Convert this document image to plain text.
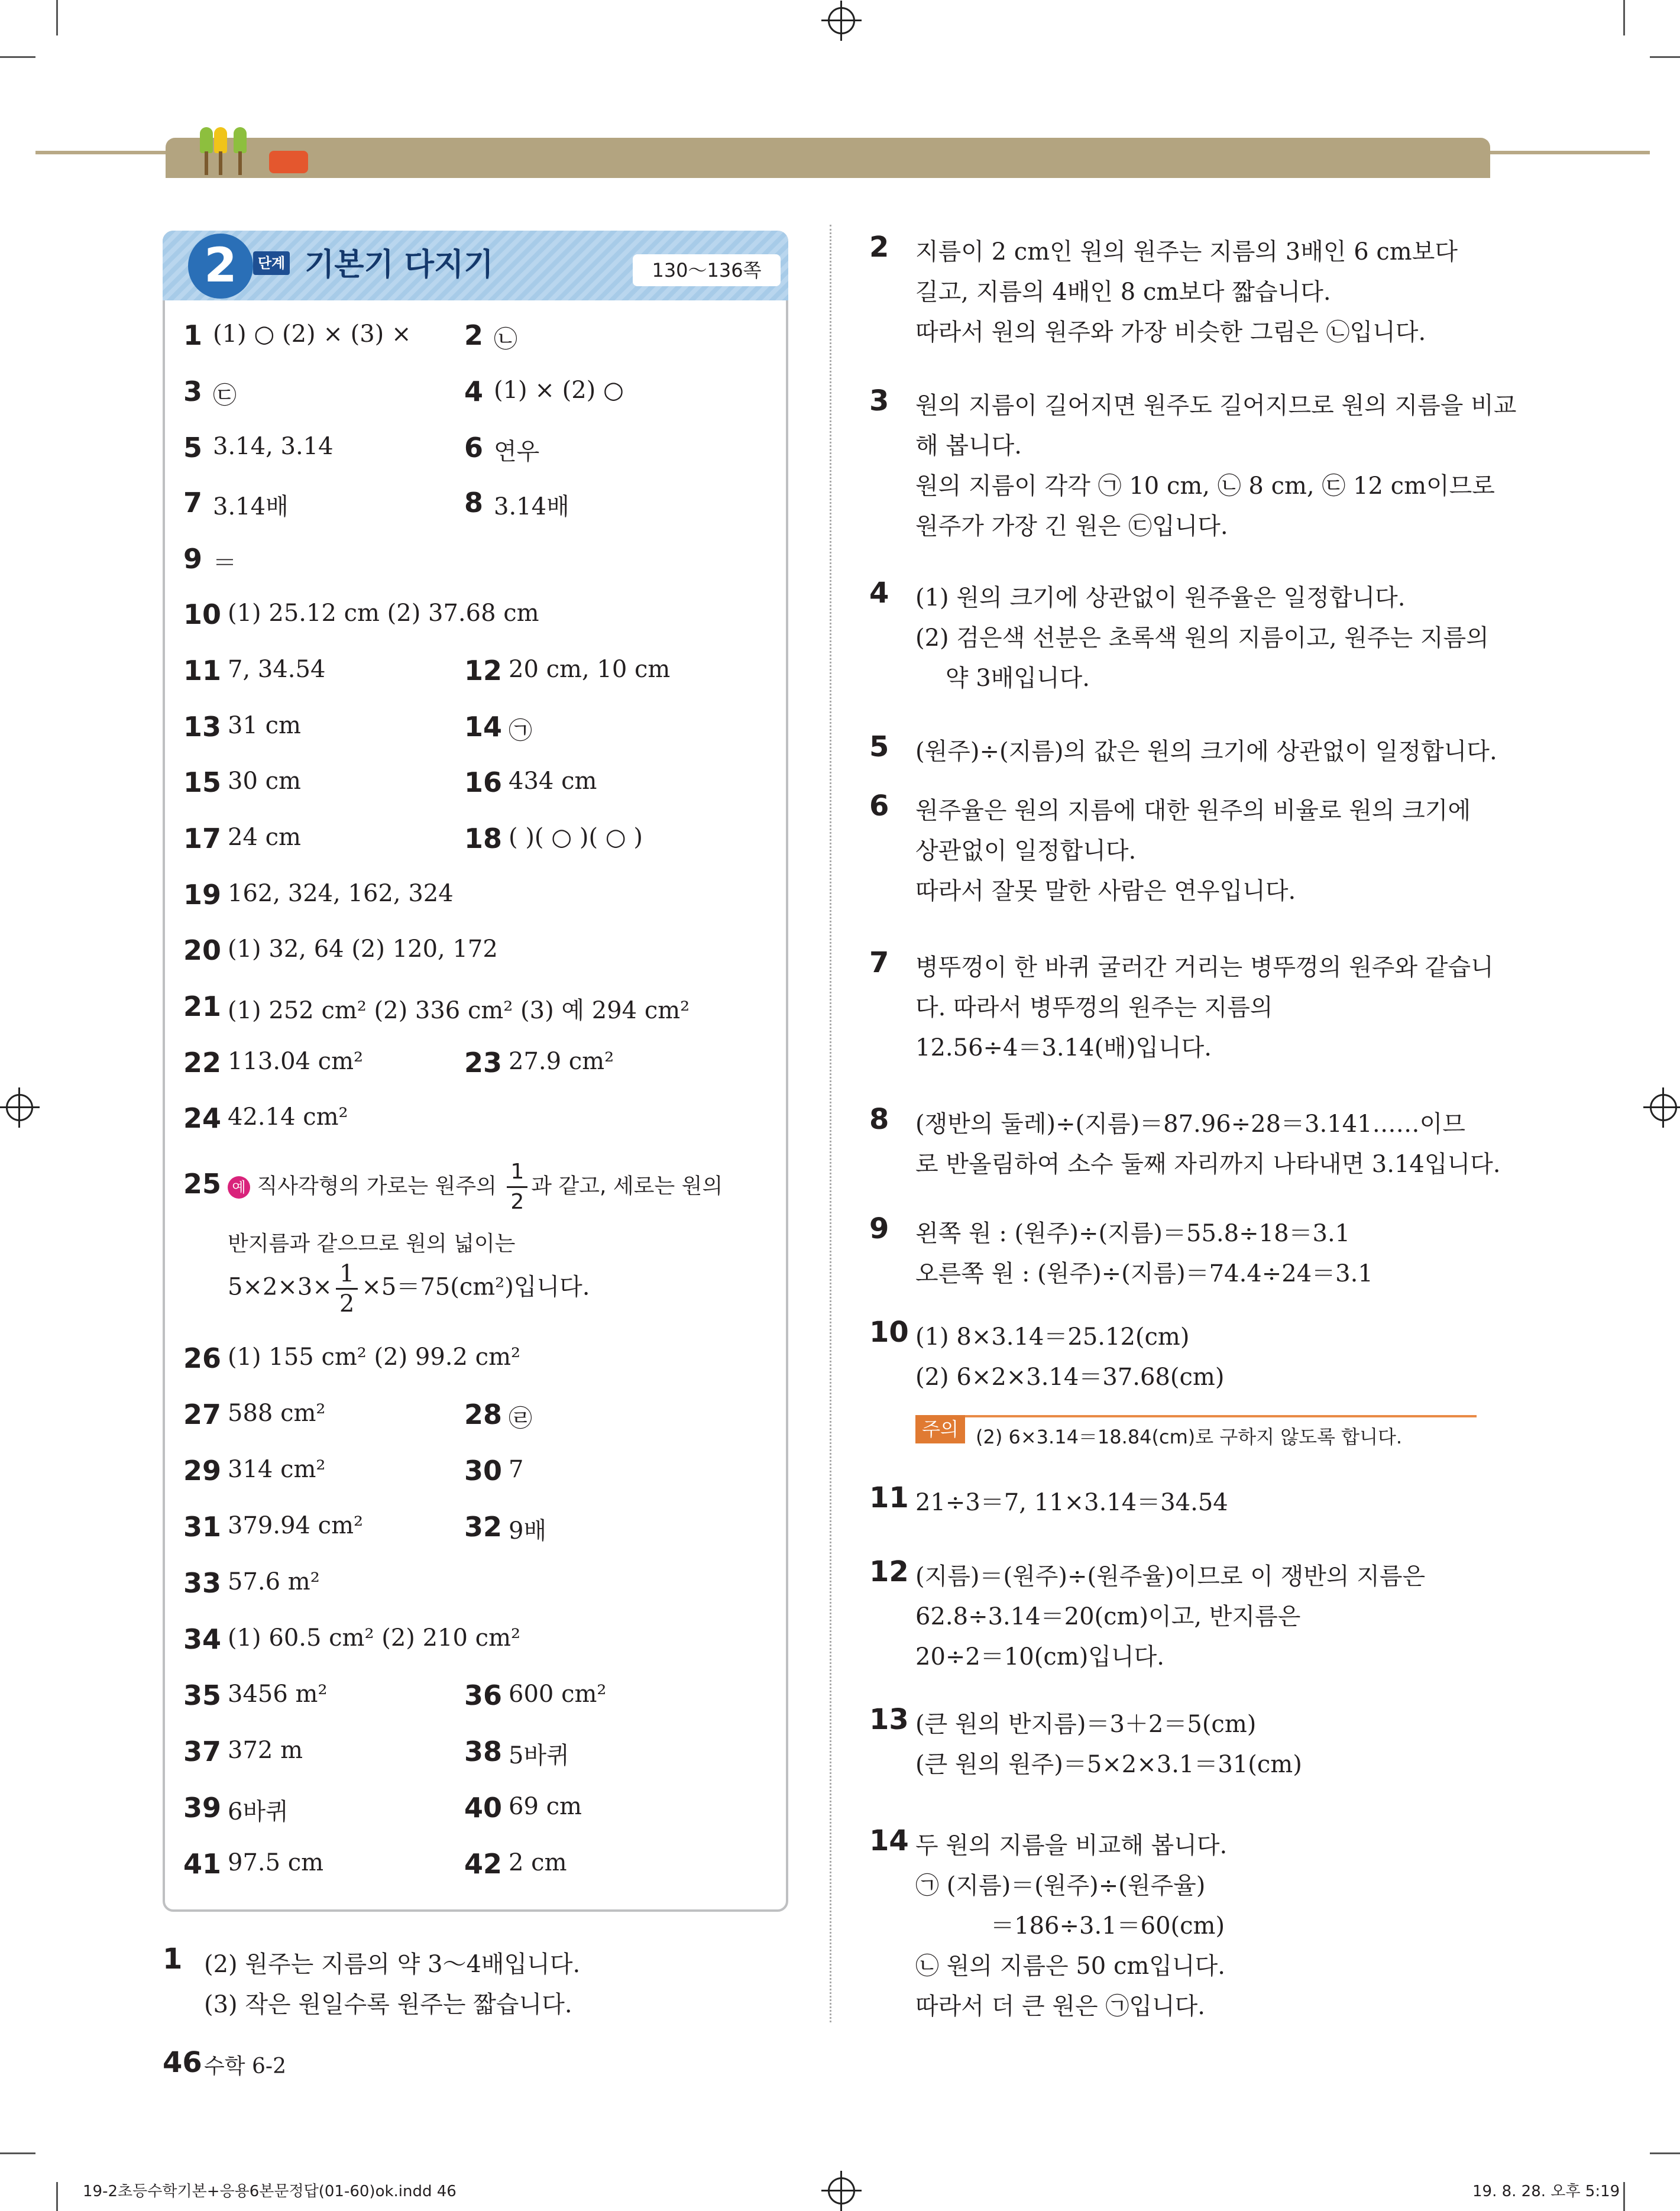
2	단계 기본기 다지기	130～136쪽
1 (1) ○ (2) × (3) × 2 ㉡
3 ㉢	4 (1) × (2) ○
5 3.14, 3.14	6 연우
7 3.14배	8 3.14배
9 ＝
10 (1) 25.12 cm (2) 37.68 cm
11 7, 34.54	12 20 cm, 10 cm
13 31 cm	14 ㉠
15 30 cm	16 434 cm
17 24 cm	18 ( )( ○ )( ○ )
19 162, 324, 162, 324
20 (1) 32, 64 (2) 120, 172
21 (1) 252 cm² (2) 336 cm² (3) 예 294 cm²
22 113.04 cm²	23 27.9 cm²
24 42.14 cm²
26 (1) 155 cm² (2) 99.2 cm²
27 588 cm²	28 ㉣
29 314 cm²	30 7
31 379.94 cm²	32 9배
33 57.6 m²
34 (1) 60.5 cm² (2) 210 cm²
35 3456 m²	36 600 cm²
37 372 m	38 5바퀴
39 6바퀴	40 69 cm
41 97.5 cm	42 2 cm
25 예 직사각형의 가로는 원주의 $\frac{1}{2}$ 과 같고, 세로는 원의
반지름과 같으므로 원의 넓이는
$5\times 2\times 3\times \frac{1}{2} \times 5=75(cm^2)$입니다.
1 (2) 원주는 지름의 약 3～4배입니다.
(3) 작은 원일수록 원주는 짧습니다.
46 수학 6-2
2 지름이 2 cm인 원의 원주는 지름의 3배인 6 cm보다
길고, 지름의 4배인 8 cm보다 짧습니다.
따라서 원의 원주와 가장 비슷한 그림은 ㉡입니다.
3 원의 지름이 길어지면 원주도 길어지므로 원의 지름을 비교
해 봅니다.
원의 지름이 각각 ㉠ 10 cm, ㉡ 8 cm, ㉢ 12 cm이므로
원주가 가장 긴 원은 ㉢입니다.
4 (1) 원의 크기에 상관없이 원주율은 일정합니다.
(2) 검은색 선분은 초록색 원의 지름이고, 원주는 지름의
약 3배입니다.
5 (원주)÷(지름)의 값은 원의 크기에 상관없이 일정합니다.
6 원주율은 원의 지름에 대한 원주의 비율로 원의 크기에
상관없이 일정합니다.
따라서 잘못 말한 사람은 연우입니다.
7 병뚜껑이 한 바퀴 굴러간 거리는 병뚜껑의 원주와 같습니
다. 따라서 병뚜껑의 원주는 지름의
12.56÷4＝3.14(배)입니다.
8 (쟁반의 둘레)÷(지름)＝87.96÷28＝3.141……이므
로 반올림하여 소수 둘째 자리까지 나타내면 3.14입니다.
9 왼쪽 원 : (원주)÷(지름)＝55.8÷18＝3.1
오른쪽 원 : (원주)÷(지름)＝74.4÷24＝3.1
10 (1) 8×3.14＝25.12(cm)
(2) 6×2×3.14＝37.68(cm)
11 21÷3＝7, 11×3.14＝34.54
12 (지름)＝(원주)÷(원주율)이므로 이 쟁반의 지름은
62.8÷3.14＝20(cm)이고, 반지름은
20÷2＝10(cm)입니다.
13 (큰 원의 반지름)＝3＋2＝5(cm)
(큰 원의 원주)＝5×2×3.1＝31(cm)
14 두 원의 지름을 비교해 봅니다.
㉠ (지름)＝(원주)÷(원주율)
＝186÷3.1＝60(cm)
㉡ 원의 지름은 50 cm입니다.
따라서 더 큰 원은 ㉠입니다.
주의 (2) 6×3.14＝18.84(cm)로 구하지 않도록 합니다.
19-2초등수학기본+응용6본문정답(01-60)ok.indd 46	19. 8. 28. 오후 5:19
